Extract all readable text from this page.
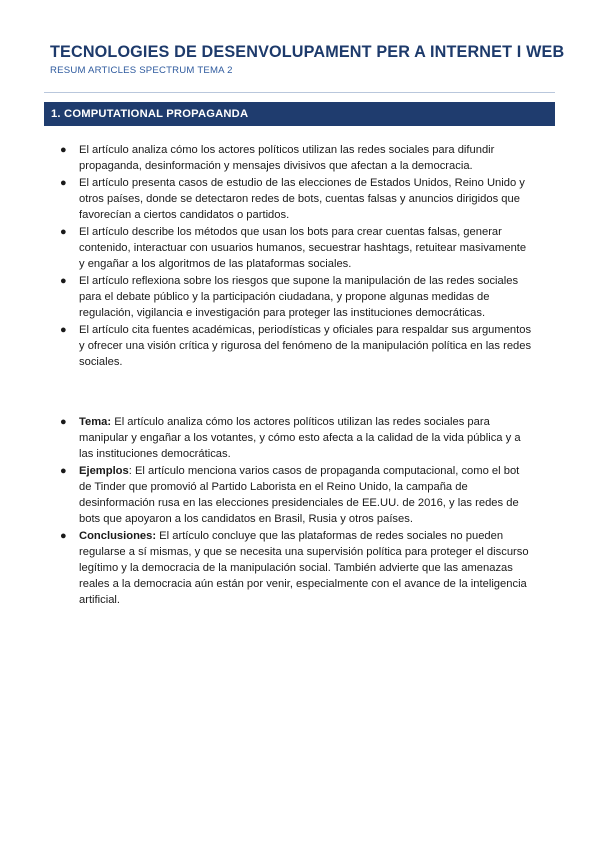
TECNOLOGIES DE DESENVOLUPAMENT PER A INTERNET I WEB
RESUM ARTICLES SPECTRUM TEMA 2
1. COMPUTATIONAL PROPAGANDA
● El artículo analiza cómo los actores políticos utilizan las redes sociales para difundir propaganda, desinformación y mensajes divisivos que afectan a la democracia.
● El artículo presenta casos de estudio de las elecciones de Estados Unidos, Reino Unido y otros países, donde se detectaron redes de bots, cuentas falsas y anuncios dirigidos que favorecían a ciertos candidatos o partidos.
● El artículo describe los métodos que usan los bots para crear cuentas falsas, generar contenido, interactuar con usuarios humanos, secuestrar hashtags, retuitear masivamente y engañar a los algoritmos de las plataformas sociales.
● El artículo reflexiona sobre los riesgos que supone la manipulación de las redes sociales para el debate público y la participación ciudadana, y propone algunas medidas de regulación, vigilancia e investigación para proteger las instituciones democráticas.
● El artículo cita fuentes académicas, periodísticas y oficiales para respaldar sus argumentos y ofrecer una visión crítica y rigurosa del fenómeno de la manipulación política en las redes sociales.
● Tema: El artículo analiza cómo los actores políticos utilizan las redes sociales para manipular y engañar a los votantes, y cómo esto afecta a la calidad de la vida pública y a las instituciones democráticas.
● Ejemplos: El artículo menciona varios casos de propaganda computacional, como el bot de Tinder que promovió al Partido Laborista en el Reino Unido, la campaña de desinformación rusa en las elecciones presidenciales de EE.UU. de 2016, y las redes de bots que apoyaron a los candidatos en Brasil, Rusia y otros países.
● Conclusiones: El artículo concluye que las plataformas de redes sociales no pueden regularse a sí mismas, y que se necesita una supervisión política para proteger el discurso legítimo y la democracia de la manipulación social. También advierte que las amenazas reales a la democracia aún están por venir, especialmente con el avance de la inteligencia artificial.
